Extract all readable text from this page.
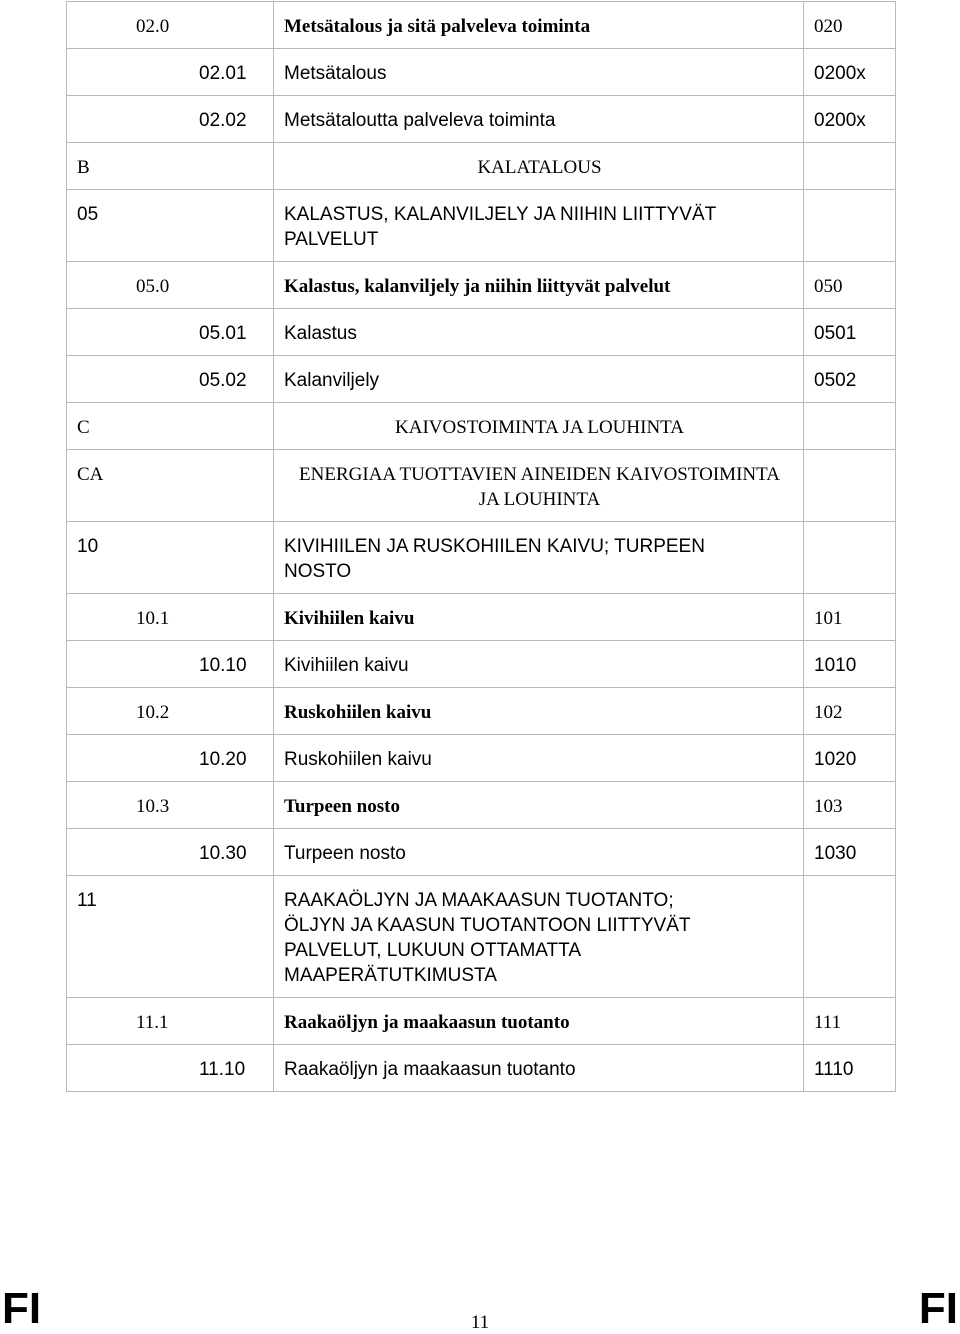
02.0	Metsätalous ja sitä palveleva toiminta	020

02.01	Metsätalous	0200x

02.02	Metsätaloutta palveleva toiminta	0200x

B	KALATALOUS	

05	KALASTUS, KALANVILJELY JA NIIHIN LIITTYVÄT
PALVELUT	

05.0	Kalastus, kalanviljely ja niihin liittyvät palvelut	050

05.01	Kalastus	0501

05.02	Kalanviljely	0502

C	KAIVOSTOIMINTA JA LOUHINTA	

CA	ENERGIAA TUOTTAVIEN AINEIDEN KAIVOSTOIMINTA
JA LOUHINTA	

10	KIVIHIILEN JA RUSKOHIILEN KAIVU; TURPEEN
NOSTO	

10.1	Kivihiilen kaivu	101

10.10	Kivihiilen kaivu	1010

10.2	Ruskohiilen kaivu	102

10.20	Ruskohiilen kaivu	1020

10.3	Turpeen nosto	103

10.30	Turpeen nosto	1030

11	RAAKAÖLJYN JA MAAKAASUN TUOTANTO;
ÖLJYN JA KAASUN TUOTANTOON LIITTYVÄT
PALVELUT, LUKUUN OTTAMATTA
MAAPERÄTUTKIMUSTA	

11.1	Raakaöljyn ja maakaasun tuotanto	111

11.10	Raakaöljyn ja maakaasun tuotanto	1110
FI	11	FI
